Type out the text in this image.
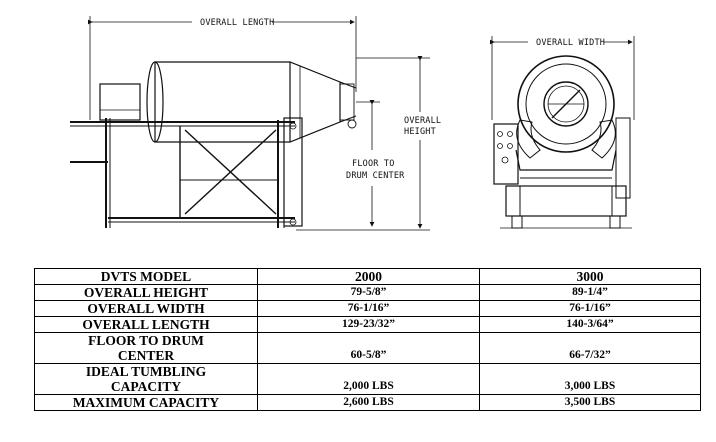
OVERALL LENGTH
OVERALL
HEIGHT
FLOOR TO
DRUM CENTER
OVERALL WIDTH
DVTS MODEL	2000	3000
OVERALL HEIGHT	79-5/8”	89-1/4”
OVERALL WIDTH	76-1/16”	76-1/16”
OVERALL LENGTH	129-23/32”	140-3/64”

FLOOR TO DRUM
CENTER	60-5/8”	66-7/32”

IDEAL TUMBLING
CAPACITY	2,000 LBS	3,000 LBS
MAXIMUM CAPACITY	2,600 LBS	3,500 LBS
